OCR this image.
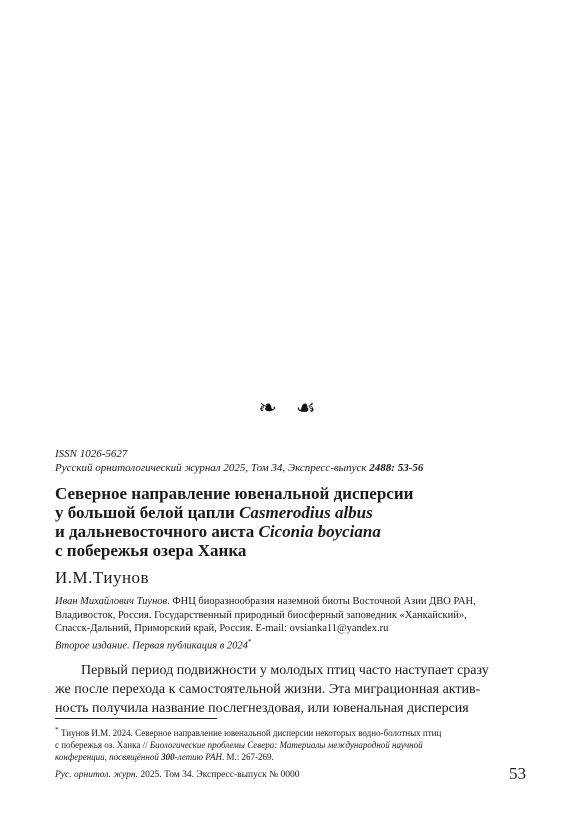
❧ ☙
ISSN 1026-5627
Русский орнитологический журнал 2025, Том 34, Экспресс-выпуск 2488: 53-56
Северное направление ювенальной дисперсии
у большой белой цапли Casmerodius albus
и дальневосточного аиста Ciconia boyciana
с побережья озера Ханка
И.М.Тиунов
Иван Михайлович Тиунов. ФНЦ биоразнообразия наземной биоты Восточной Азии ДВО РАН,
Владивосток, Россия. Государственный природный биосферный заповедник «Ханкайский»,
Спасск-Дальний, Приморский край, Россия. E-mail: ovsianka11@yandex.ru
Второе издание. Первая публикация в 2024*

Первый период подвижности у молодых птиц часто наступает сразу
же после перехода к самостоятельной жизни. Эта миграционная актив-
ность получила название послегнездовая, или ювенальная дисперсия

* Тиунов И.М. 2024. Северное направление ювенальной дисперсии некоторых водно-болотных птиц
с побережья оз. Ханка // Биологические проблемы Севера: Материалы международной научной
конференции, посвящённой 300-летию РАН. М.: 267-269.
Рус. орнитол. журн. 2025. Том 34. Экспресс-выпуск № 0000	53
